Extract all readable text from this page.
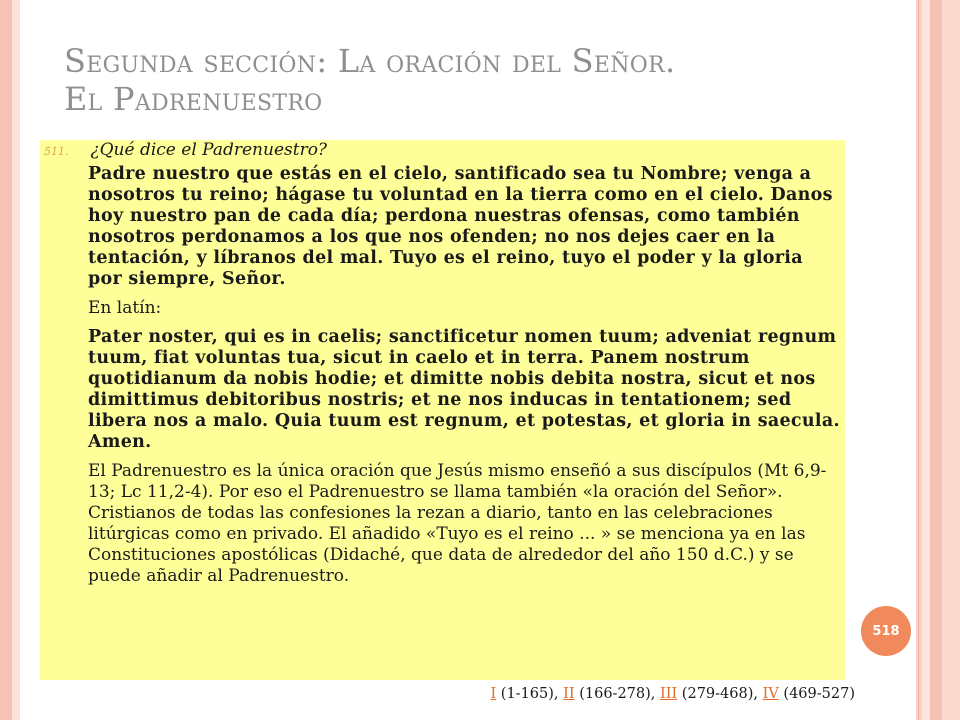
Segunda sección: La oración del Señor.
El Padrenuestro
511. ¿Qué dice el Padrenuestro?

Padre nuestro que estás en el cielo, santificado sea tu Nombre; venga a nosotros tu reino; hágase tu voluntad en la tierra como en el cielo. Danos hoy nuestro pan de cada día; perdona nuestras ofensas, como también nosotros perdonamos a los que nos ofenden; no nos dejes caer en la tentación, y líbranos del mal. Tuyo es el reino, tuyo el poder y la gloria por siempre, Señor.

En latín:

Pater noster, qui es in caelis; sanctificetur nomen tuum; adveniat regnum tuum, fiat voluntas tua, sicut in caelo et in terra. Panem nostrum quotidianum da nobis hodie; et dimitte nobis debita nostra, sicut et nos dimittimus debitoribus nostris; et ne nos inducas in tentationem; sed libera nos a malo. Quia tuum est regnum, et potestas, et gloria in saecula. Amen.

El Padrenuestro es la única oración que Jesús mismo enseñó a sus discípulos (Mt 6,9-13; Lc 11,2-4). Por eso el Padrenuestro se llama también «la oración del Señor». Cristianos de todas las confesiones la rezan a diario, tanto en las celebraciones litúrgicas como en privado. El añadido «Tuyo es el reino ... » se menciona ya en las Constituciones apostólicas (Didaché, que data de alrededor del año 150 d.C.) y se puede añadir al Padrenuestro.

518
I (1-165), II (166-278), III (279-468), IV (469-527)
